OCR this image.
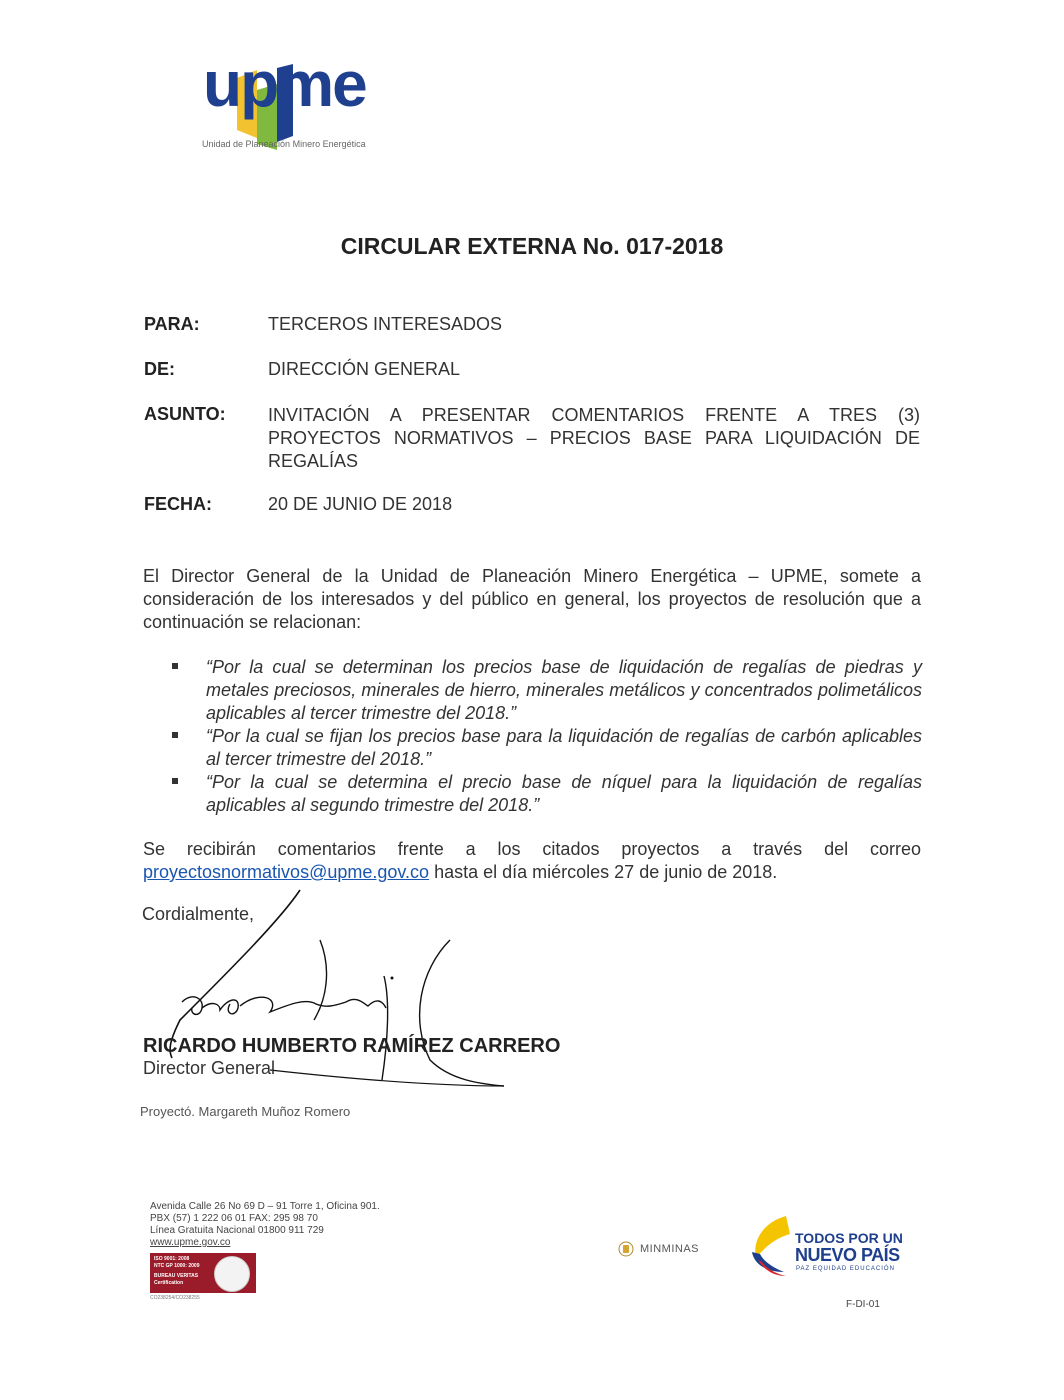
upme
Unidad de Planeación Minero Energética
CIRCULAR EXTERNA No. 017-2018
PARA:	TERCEROS INTERESADOS
DE:	DIRECCIÓN GENERAL
ASUNTO: INVITACIÓN A PRESENTAR COMENTARIOS FRENTE A TRES (3) PROYECTOS NORMATIVOS – PRECIOS BASE PARA LIQUIDACIÓN DE REGALÍAS
FECHA:	20 DE JUNIO DE 2018
El Director General de la Unidad de Planeación Minero Energética – UPME, somete a consideración de los interesados y del público en general, los proyectos de resolución que a continuación se relacionan:
“Por la cual se determinan los precios base de liquidación de regalías de piedras y metales preciosos, minerales de hierro, minerales metálicos y concentrados polimetálicos aplicables al tercer trimestre del 2018.”
“Por la cual se fijan los precios base para la liquidación de regalías de carbón aplicables al tercer trimestre del 2018.”
“Por la cual se determina el precio base de níquel para la liquidación de regalías aplicables al segundo trimestre del 2018.”
Se recibirán comentarios frente a los citados proyectos a través del correo proyectosnormativos@upme.gov.co hasta el día miércoles 27 de junio de 2018.
Cordialmente,
RICARDO HUMBERTO RAMÍREZ CARRERO
Director General
Proyectó. Margareth Muñoz Romero
Avenida Calle 26 No 69 D – 91 Torre 1, Oficina 901.
PBX (57) 1 222 06 01 FAX: 295 98 70
Línea Gratuita Nacional 01800 911 729
www.upme.gov.co
ISO 9001: 2008
NTC GP 1000: 2009
BUREAU VERITAS
Certification
CO238254/CO238255
MINMINAS
TODOS POR UN
NUEVO PAÍS
PAZ EQUIDAD EDUCACIÓN
F-DI-01
